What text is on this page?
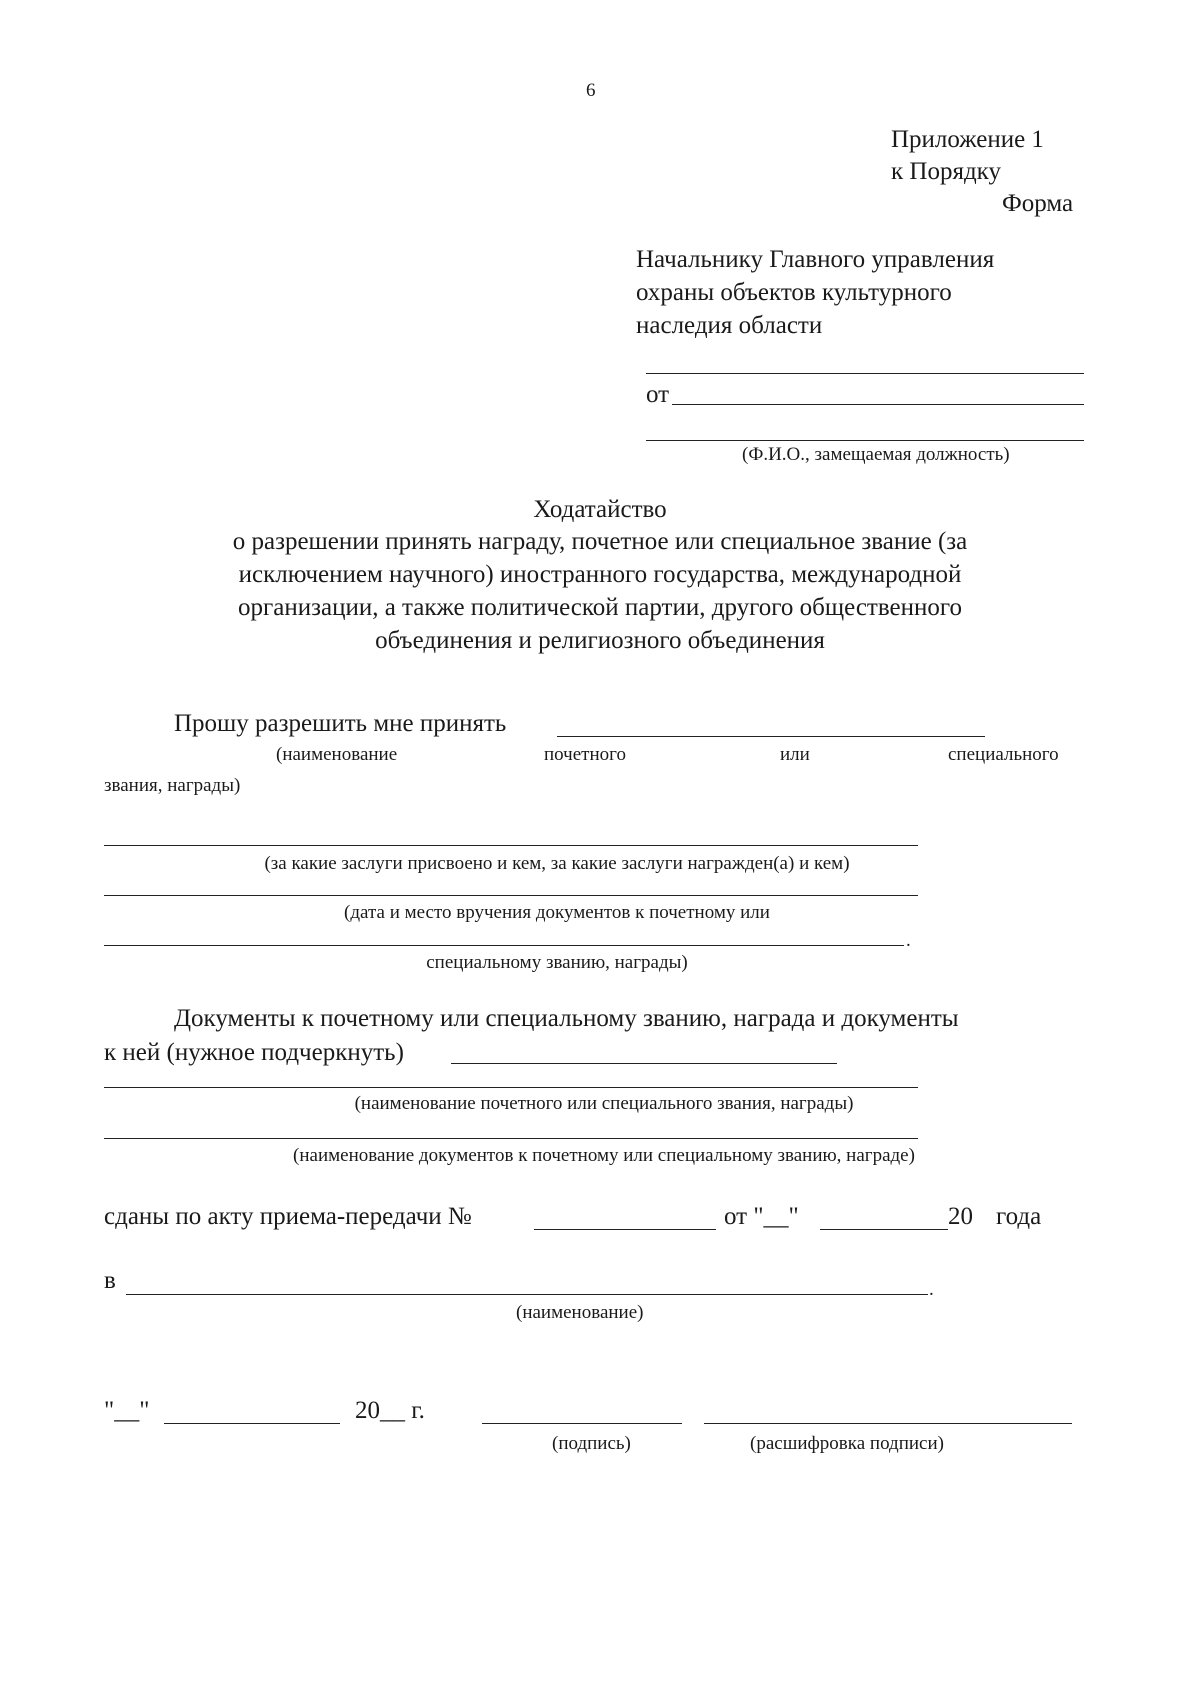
6
Приложение 1
к Порядку
Форма
Начальнику Главного управления
охраны объектов культурного
наследия области
от
(Ф.И.О., замещаемая должность)
Ходатайство
о разрешении принять награду, почетное или специальное звание (за
исключением научного) иностранного государства, международной
организации, а также политической партии, другого общественного
объединения и религиозного объединения
Прошу разрешить мне принять
(наименование	почетного	или	специального
звания, награды)
(за какие заслуги присвоено и кем, за какие заслуги награжден(а) и кем)
(дата и место вручения документов к почетному или
.
специальному званию, награды)
Документы к почетному или специальному званию, награда и документы
к ней (нужное подчеркнуть)
(наименование почетного или специального звания, награды)
(наименование документов к почетному или специальному званию, награде)
сданы по акту приема-передачи №	от "__"	20 года
в	.
(наименование)
"__"	20__ г.
(подпись)	(расшифровка подписи)
